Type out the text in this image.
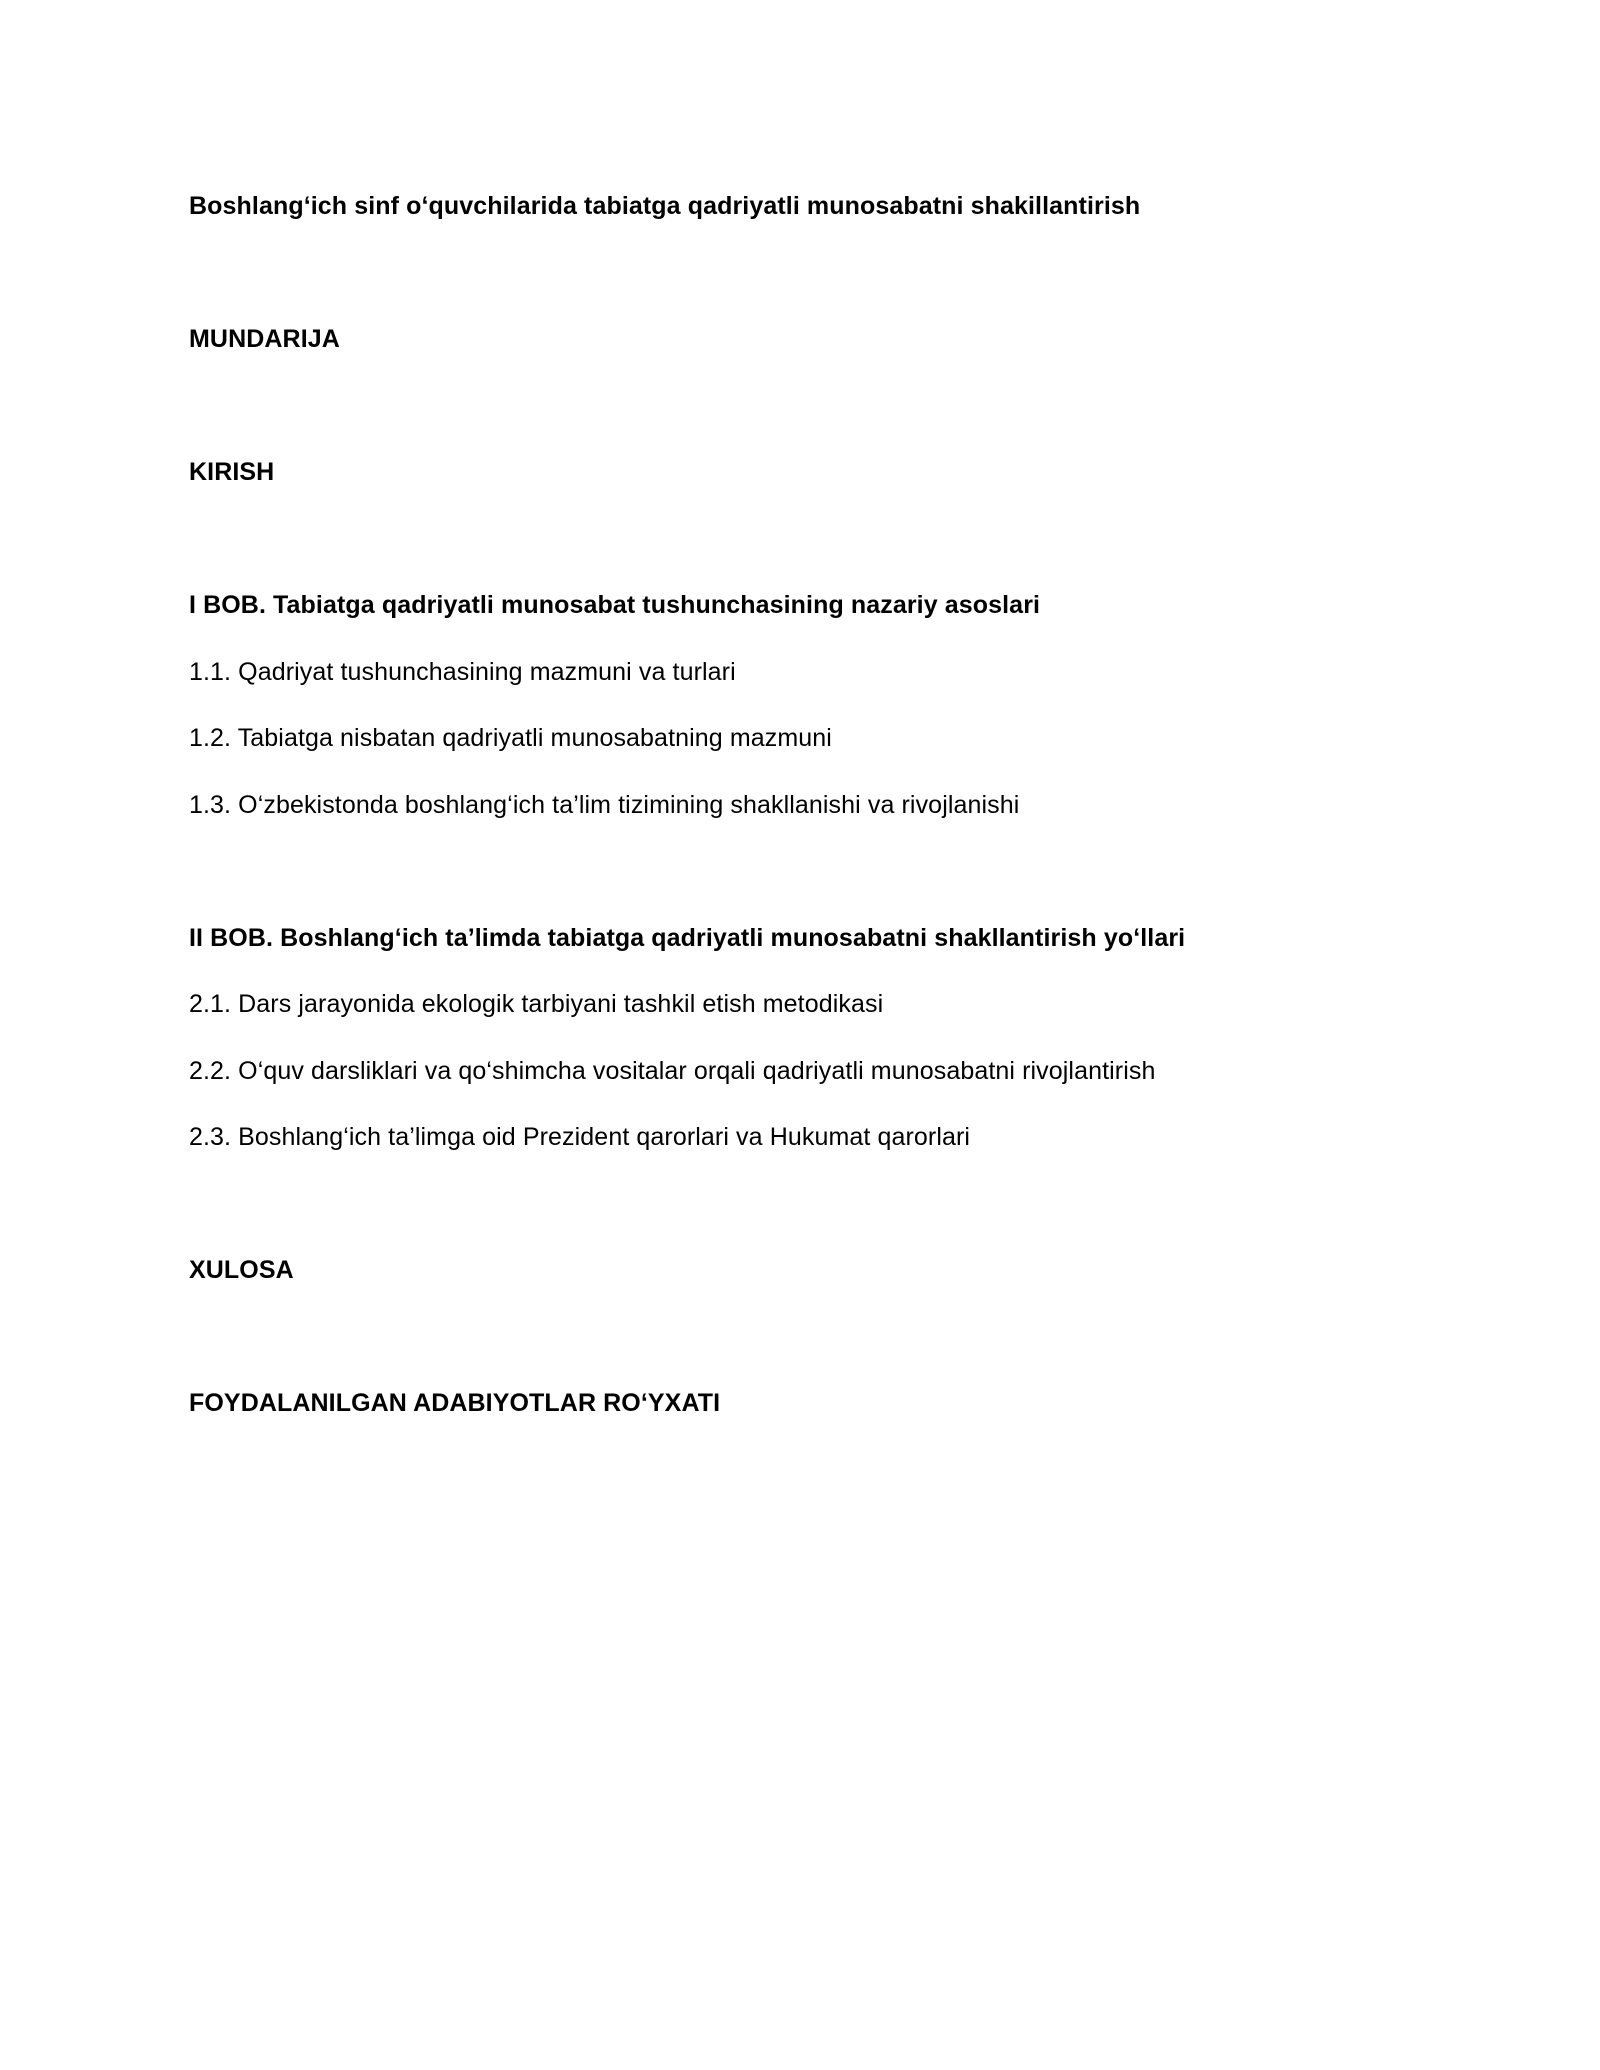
Boshlang‘ich sinf o‘quvchilarida tabiatga qadriyatli munosabatni shakillantirish
MUNDARIJA
KIRISH
I BOB. Tabiatga qadriyatli munosabat tushunchasining nazariy asoslari
1.1. Qadriyat tushunchasining mazmuni va turlari
1.2. Tabiatga nisbatan qadriyatli munosabatning mazmuni
1.3. O‘zbekistonda boshlang‘ich ta’lim tizimining shakllanishi va rivojlanishi
II BOB. Boshlang‘ich ta’limda tabiatga qadriyatli munosabatni shakllantirish yo‘llari
2.1. Dars jarayonida ekologik tarbiyani tashkil etish metodikasi
2.2. O‘quv darsliklari va qo‘shimcha vositalar orqali qadriyatli munosabatni rivojlantirish
2.3. Boshlang‘ich ta’limga oid Prezident qarorlari va Hukumat qarorlari
XULOSA
FOYDALANILGAN ADABIYOTLAR RO‘YXATI
